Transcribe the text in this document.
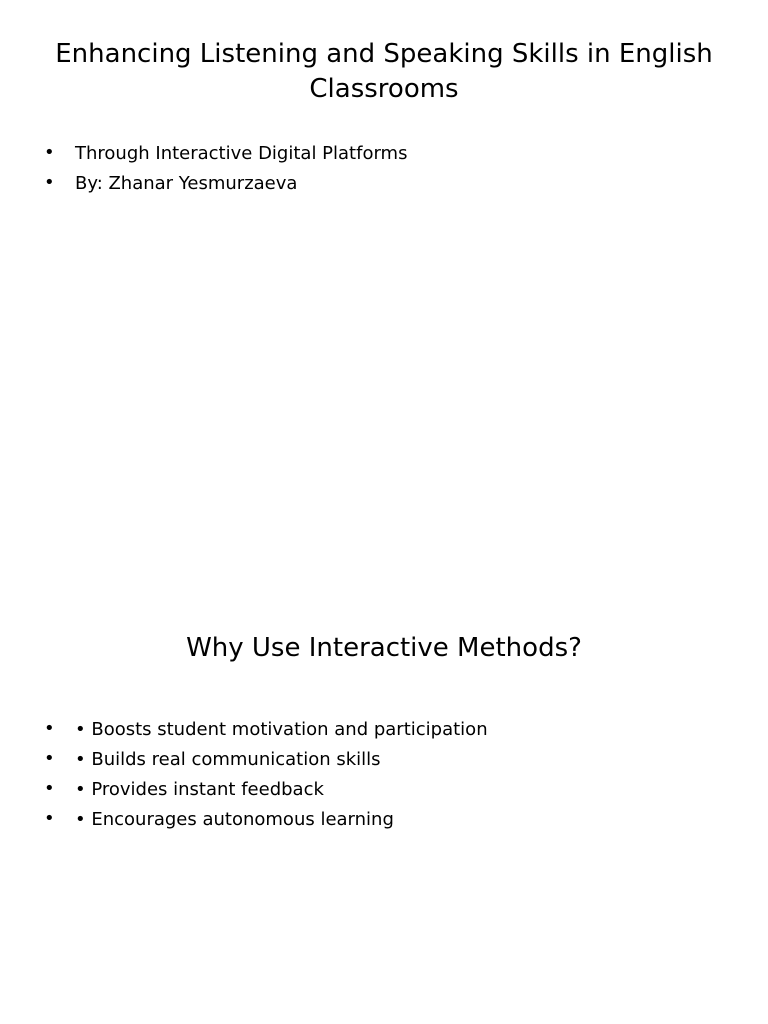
Enhancing Listening and Speaking Skills in English Classrooms
• Through Interactive Digital Platforms
• By: Zhanar Yesmurzaeva
Why Use Interactive Methods?
• • Boosts student motivation and participation
• • Builds real communication skills
• • Provides instant feedback
• • Encourages autonomous learning
